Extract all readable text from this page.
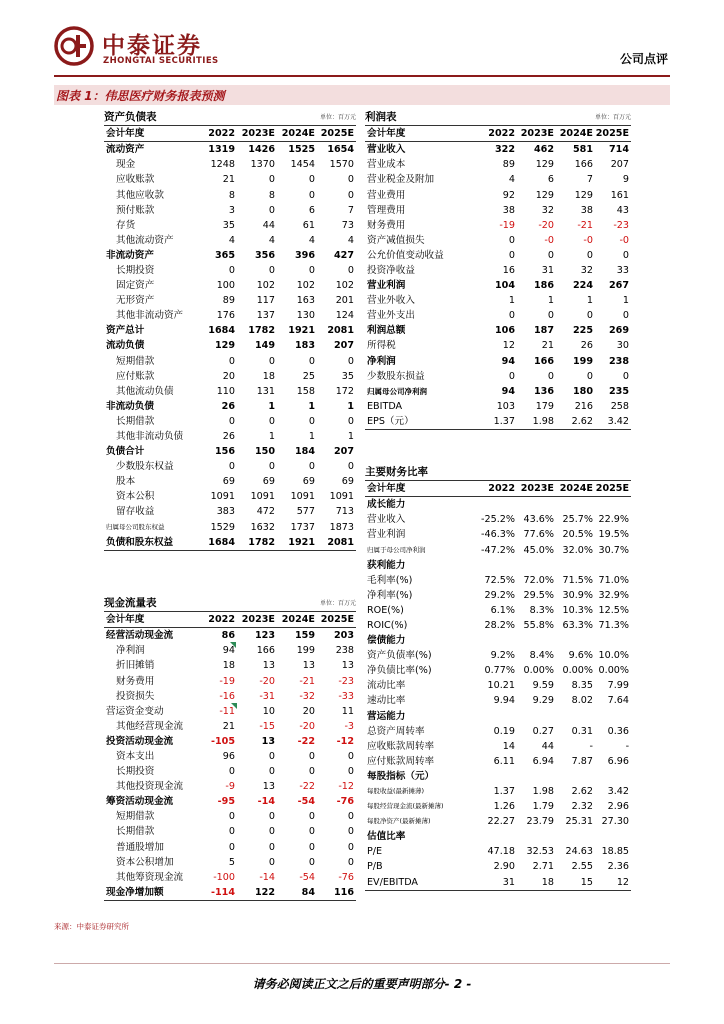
中泰证券
ZHONGTAI SECURITIES	公司点评
图表 1：伟思医疗财务报表预测
资产负债表			单位：百万元	
会计年度	2022	2023E	2024E	2025E
流动资产	1319	1426	1525	1654
现金	1248	1370	1454	1570
应收账款	21	0	0	0
其他应收款	8	8	0	0
预付账款	3	0	6	7
存货	35	44	61	73
其他流动资产	4	4	4	4
非流动资产	365	356	396	427
长期投资	0	0	0	0
固定资产	100	102	102	102
无形资产	89	117	163	201
其他非流动资产	176	137	130	124
资产总计	1684	1782	1921	2081
流动负债	129	149	183	207
短期借款	0	0	0	0
应付账款	20	18	25	35
其他流动负债	110	131	158	172
非流动负债	26	1	1	1
长期借款	0	0	0	0
其他非流动负债	26	1	1	1
负债合计	156	150	184	207
少数股东权益	0	0	0	0
股本	69	69	69	69
资本公积	1091	1091	1091	1091
留存收益	383	472	577	713
归属母公司股东权益	1529	1632	1737	1873
负债和股东权益	1684	1782	1921	2081
利润表			单位：百万元	
会计年度	2022	2023E	2024E	2025E
营业收入	322	462	581	714
营业成本	89	129	166	207
营业税金及附加	4	6	7	9
营业费用	92	129	129	161
管理费用	38	32	38	43
财务费用	-19	-20	-21	-23
资产减值损失	0	-0	-0	-0
公允价值变动收益	0	0	0	0
投资净收益	16	31	32	33
营业利润	104	186	224	267
营业外收入	1	1	1	1
营业外支出	0	0	0	0
利润总额	106	187	225	269
所得税	12	21	26	30
净利润	94	166	199	238
少数股东损益	0	0	0	0
归属母公司净利润	94	136	180	235
EBITDA	103	179	216	258
EPS（元）	1.37	1.98	2.62	3.42
主要财务比率				
会计年度	2022	2023E	2024E	2025E
成长能力				
营业收入	-25.2%	43.6%	25.7%	22.9%
营业利润	-46.3%	77.6%	20.5%	19.5%
归属于母公司净利润	-47.2%	45.0%	32.0%	30.7%
获利能力				
毛利率(%)	72.5%	72.0%	71.5%	71.0%
净利率(%)	29.2%	29.5%	30.9%	32.9%
ROE(%)	6.1%	8.3%	10.3%	12.5%
ROIC(%)	28.2%	55.8%	63.3%	71.3%
偿债能力				
资产负债率(%)	9.2%	8.4%	9.6%	10.0%
净负债比率(%)	0.77%	0.00%	0.00%	0.00%
流动比率	10.21	9.59	8.35	7.99
速动比率	9.94	9.29	8.02	7.64
营运能力				
总资产周转率	0.19	0.27	0.31	0.36
应收账款周转率	14	44	-	-
应付账款周转率	6.11	6.94	7.87	6.96
每股指标（元）				
每股收益(最新摊薄)	1.37	1.98	2.62	3.42
每股经营现金流(最新摊薄)	1.26	1.79	2.32	2.96
每股净资产(最新摊薄)	22.27	23.79	25.31	27.30
估值比率				
P/E	47.18	32.53	24.63	18.85
P/B	2.90	2.71	2.55	2.36
EV/EBITDA	31	18	15	12
现金流量表			单位：百万元	
会计年度	2022	2023E	2024E	2025E
经营活动现金流	86	123	159	203
净利润	94	166	199	238
折旧摊销	18	13	13	13
财务费用	-19	-20	-21	-23
投资损失	-16	-31	-32	-33
营运资金变动	-11	10	20	11
其他经营现金流	21	-15	-20	-3
投资活动现金流	-105	13	-22	-12
资本支出	96	0	0	0
长期投资	0	0	0	0
其他投资现金流	-9	13	-22	-12
筹资活动现金流	-95	-14	-54	-76
短期借款	0	0	0	0
长期借款	0	0	0	0
普通股增加	0	0	0	0
资本公积增加	5	0	0	0
其他筹资现金流	-100	-14	-54	-76
现金净增加额	-114	122	84	116
来源：中泰证券研究所
请务必阅读正文之后的重要声明部分- 2 -
